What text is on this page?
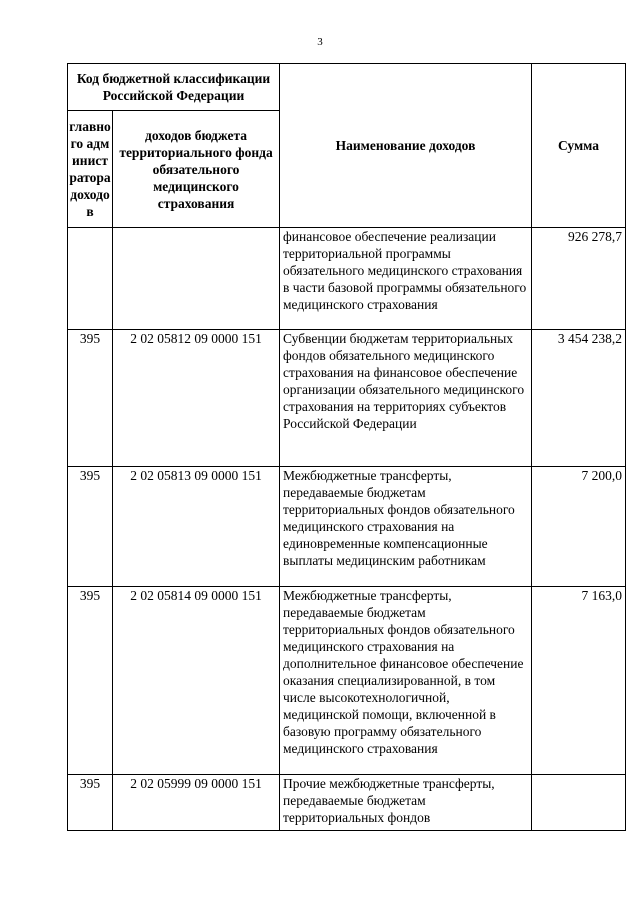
3
Код бюджетной классификации Российской Федерации		Наименование доходов	Сумма
главного администратора доходов	доходов бюджета территориального фонда обязательного медицинского страхования		
		финансовое обеспечение реализации территориальной программы обязательного медицинского страхования в части базовой программы обязательного медицинского страхования	926 278,7
395	2 02 05812 09 0000 151	Субвенции бюджетам территориальных фондов обязательного медицинского страхования на финансовое обеспечение организации обязательного медицинского страхования на территориях субъектов Российской Федерации	3 454 238,2
395	2 02 05813 09 0000 151	Межбюджетные трансферты, передаваемые бюджетам территориальных фондов обязательного медицинского страхования на единовременные компенсационные выплаты медицинским работникам	7 200,0
395	2 02 05814 09 0000 151	Межбюджетные трансферты, передаваемые бюджетам территориальных фондов обязательного медицинского страхования на дополнительное финансовое обеспечение оказания специализированной, в том числе высокотехнологичной, медицинской помощи, включенной в базовую программу обязательного медицинского страхования	7 163,0
395	2 02 05999 09 0000 151	Прочие межбюджетные трансферты, передаваемые бюджетам территориальных фондов	
